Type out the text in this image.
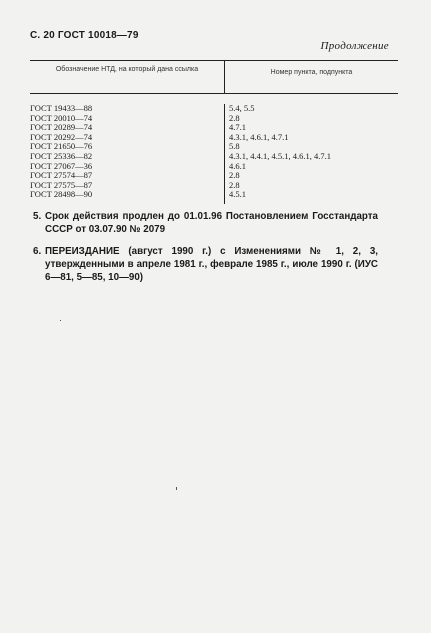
С. 20 ГОСТ 10018—79
Продолжение
Обозначение НТД, на который дана ссылка	Номер пункта, подпункта
ГОСТ 19433—88
ГОСТ 20010—74
ГОСТ 20289—74
ГОСТ 20292—74
ГОСТ 21650—76
ГОСТ 25336—82
ГОСТ 27067—36
ГОСТ 27574—87
ГОСТ 27575—87
ГОСТ 28498—90
5.4, 5.5
2.8
4.7.1
4.3.1, 4.6.1, 4.7.1
5.8
4.3.1, 4.4.1, 4.5.1, 4.6.1, 4.7.1
4.6.1
2.8
2.8
4.5.1
5. Срок действия продлен до 01.01.96 Постановлением Госстандарта СССР от 03.07.90 № 2079
6. ПЕРЕИЗДАНИЕ (август 1990 г.) с Изменениями № 1, 2, 3, утвержденными в апреле 1981 г., феврале 1985 г., июле 1990 г. (ИУС 6—81, 5—85, 10—90)
